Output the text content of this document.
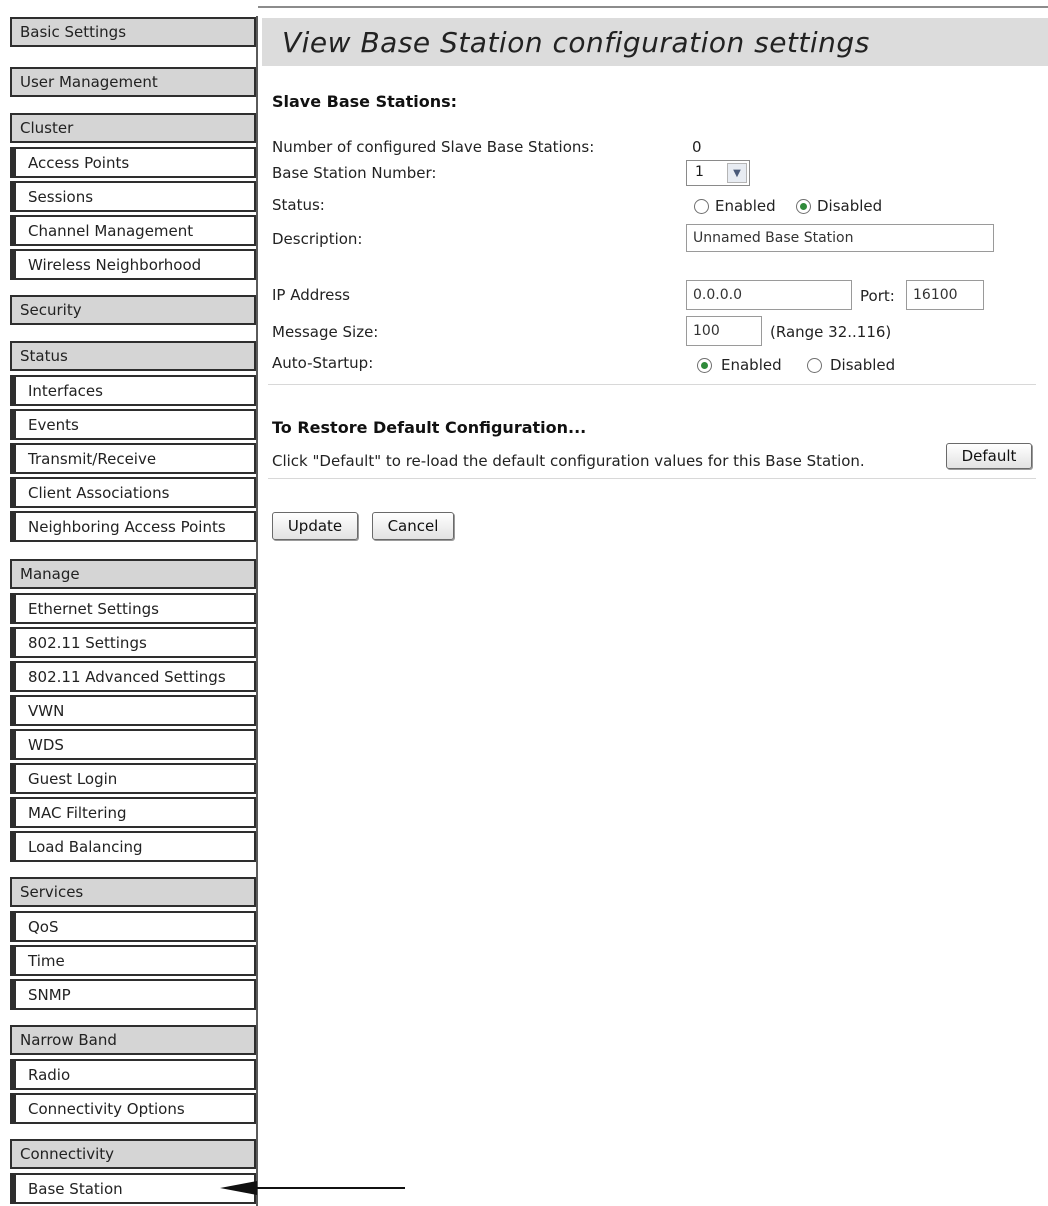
Basic Settings
User Management
Cluster
Access Points
Sessions
Channel Management
Wireless Neighborhood
Security
Status
Interfaces
Events
Transmit/Receive
Client Associations
Neighboring Access Points
Manage
Ethernet Settings
802.11 Settings
802.11 Advanced Settings
VWN
WDS
Guest Login
MAC Filtering
Load Balancing
Services
QoS
Time
SNMP
Narrow Band
Radio
Connectivity Options
Connectivity
Base Station
View Base Station configuration settings
Slave Base Stations:
Number of configured Slave Base Stations:	0
Base Station Number:	1	▼
Status:	Enabled	Disabled
Description:	Unnamed Base Station
IP Address	0.0.0.0	Port:	16100
Message Size:	100	(Range 32..116)
Auto-Startup:	Enabled	Disabled
To Restore Default Configuration...
Click "Default" to re-load the default configuration values for this Base Station.	Default
Update	Cancel
